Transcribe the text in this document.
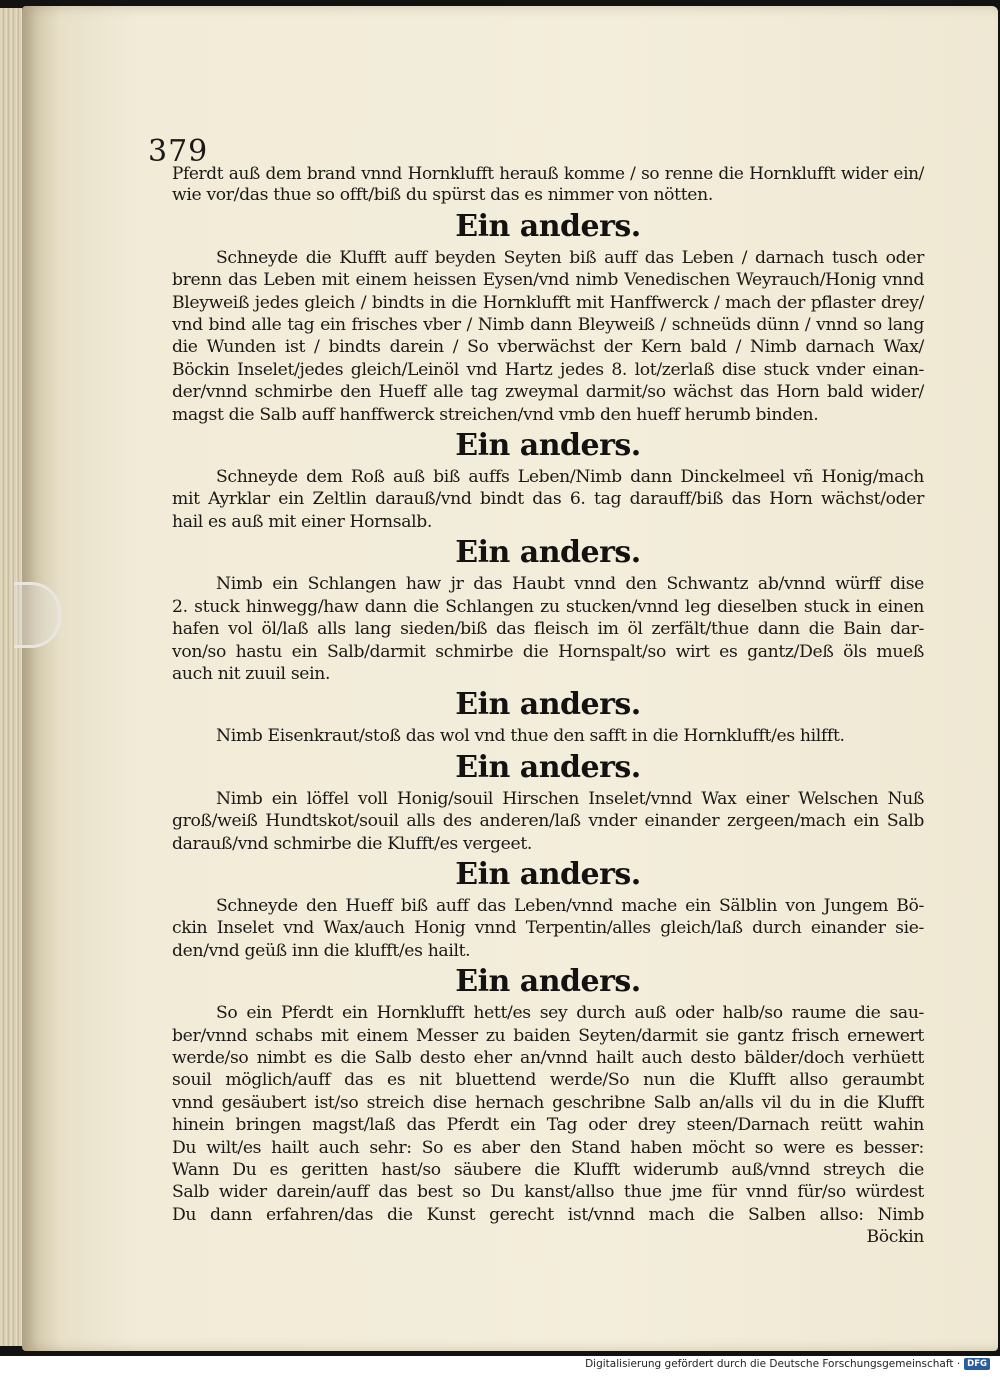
379
Pferdt auß dem brand vnnd Hornklufft herauß komme / so renne die Hornklufft wider ein/
wie vor/das thue so offt/biß du spürst das es nimmer von nötten.
Ein anders.
Schneyde die Klufft auff beyden Seyten biß auff das Leben / darnach tusch oder
brenn das Leben mit einem heissen Eysen/vnd nimb Venedischen Weyrauch/Honig vnnd
Bleyweiß jedes gleich / bindts in die Hornklufft mit Hanffwerck / mach der pflaster drey/
vnd bind alle tag ein frisches vber / Nimb dann Bleyweiß / schneüds dünn / vnnd so lang
die Wunden ist / bindts darein / So vberwächst der Kern bald / Nimb darnach Wax/
Böckin Inselet/jedes gleich/Leinöl vnd Hartz jedes 8. lot/zerlaß dise stuck vnder einan-
der/vnnd schmirbe den Hueff alle tag zweymal darmit/so wächst das Horn bald wider/
magst die Salb auff hanffwerck streichen/vnd vmb den hueff herumb binden.
Ein anders.
Schneyde dem Roß auß biß auffs Leben/Nimb dann Dinckelmeel vñ Honig/mach
mit Ayrklar ein Zeltlin darauß/vnd bindt das 6. tag darauff/biß das Horn wächst/oder
hail es auß mit einer Hornsalb.
Ein anders.
Nimb ein Schlangen haw jr das Haubt vnnd den Schwantz ab/vnnd würff dise
2. stuck hinwegg/haw dann die Schlangen zu stucken/vnnd leg dieselben stuck in einen
hafen vol öl/laß alls lang sieden/biß das fleisch im öl zerfält/thue dann die Bain dar-
von/so hastu ein Salb/darmit schmirbe die Hornspalt/so wirt es gantz/Deß öls mueß
auch nit zuuil sein.
Ein anders.
Nimb Eisenkraut/stoß das wol vnd thue den safft in die Hornklufft/es hilfft.
Ein anders.
Nimb ein löffel voll Honig/souil Hirschen Inselet/vnnd Wax einer Welschen Nuß
groß/weiß Hundtskot/souil alls des anderen/laß vnder einander zergeen/mach ein Salb
darauß/vnd schmirbe die Klufft/es vergeet.
Ein anders.
Schneyde den Hueff biß auff das Leben/vnnd mache ein Sälblin von Jungem Bö-
ckin Inselet vnd Wax/auch Honig vnnd Terpentin/alles gleich/laß durch einander sie-
den/vnd geüß inn die klufft/es hailt.
Ein anders.
So ein Pferdt ein Hornklufft hett/es sey durch auß oder halb/so raume die sau-
ber/vnnd schabs mit einem Messer zu baiden Seyten/darmit sie gantz frisch ernewert
werde/so nimbt es die Salb desto eher an/vnnd hailt auch desto bälder/doch verhüett
souil möglich/auff das es nit bluettend werde/So nun die Klufft allso geraumbt
vnnd gesäubert ist/so streich dise hernach geschribne Salb an/alls vil du in die Klufft
hinein bringen magst/laß das Pferdt ein Tag oder drey steen/Darnach reütt wahin
Du wilt/es hailt auch sehr: So es aber den Stand haben möcht so were es besser:
Wann Du es geritten hast/so säubere die Klufft widerumb auß/vnnd streych die
Salb wider darein/auff das best so Du kanst/allso thue jme für vnnd für/so würdest
Du dann erfahren/das die Kunst gerecht ist/vnnd mach die Salben allso: Nimb
Böckin
Digitalisierung gefördert durch die Deutsche Forschungsgemeinschaft · DFG
